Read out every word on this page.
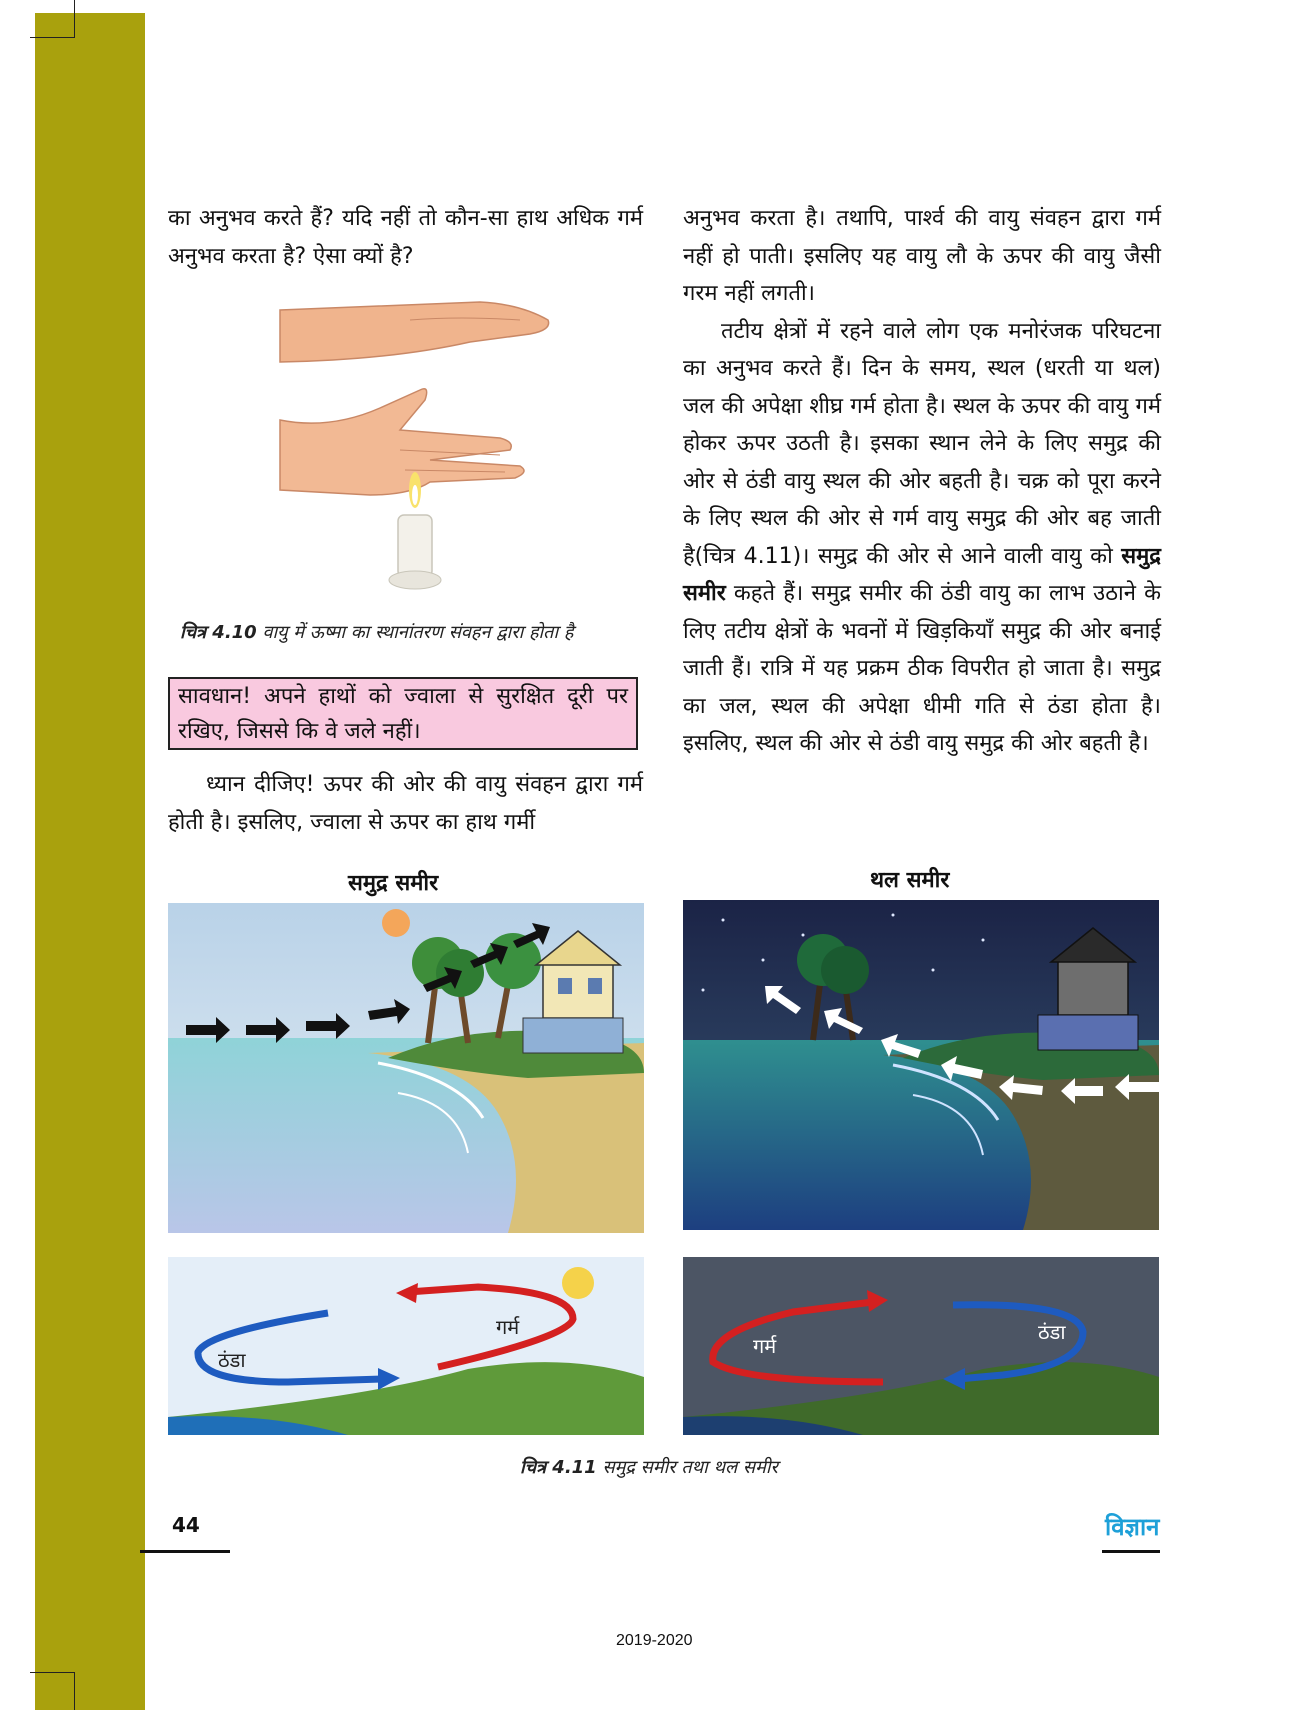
का अनुभव करते हैं? यदि नहीं तो कौन-सा हाथ अधिक गर्म अनुभव करता है? ऐसा क्यों है?

चित्र 4.10 वायु में ऊष्मा का स्थानांतरण संवहन द्वारा होता है
सावधान! अपने हाथों को ज्वाला से सुरक्षित दूरी पर रखिए, जिससे कि वे जले नहीं।

ध्यान दीजिए! ऊपर की ओर की वायु संवहन द्वारा गर्म होती है। इसलिए, ज्वाला से ऊपर का हाथ गर्मी

अनुभव करता है। तथापि, पार्श्व की वायु संवहन द्वारा गर्म नहीं हो पाती। इसलिए यह वायु लौ के ऊपर की वायु जैसी गरम नहीं लगती।

तटीय क्षेत्रों में रहने वाले लोग एक मनोरंजक परिघटना का अनुभव करते हैं। दिन के समय, स्थल (धरती या थल) जल की अपेक्षा शीघ्र गर्म होता है। स्थल के ऊपर की वायु गर्म होकर ऊपर उठती है। इसका स्थान लेने के लिए समुद्र की ओर से ठंडी वायु स्थल की ओर बहती है। चक्र को पूरा करने के लिए स्थल की ओर से गर्म वायु समुद्र की ओर बह जाती है(चित्र 4.11)। समुद्र की ओर से आने वाली वायु को समुद्र समीर कहते हैं। समुद्र समीर की ठंडी वायु का लाभ उठाने के लिए तटीय क्षेत्रों के भवनों में खिड़कियाँ समुद्र की ओर बनाई जाती हैं। रात्रि में यह प्रक्रम ठीक विपरीत हो जाता है। समुद्र का जल, स्थल की अपेक्षा धीमी गति से ठंडा होता है। इसलिए, स्थल की ओर से ठंडी वायु समुद्र की ओर बहती है।

समुद्र समीर	थल समीर
गर्म
ठंडा
गर्म
ठंडा
चित्र 4.11 समुद्र समीर तथा थल समीर
44	विज्ञान
2019-2020
